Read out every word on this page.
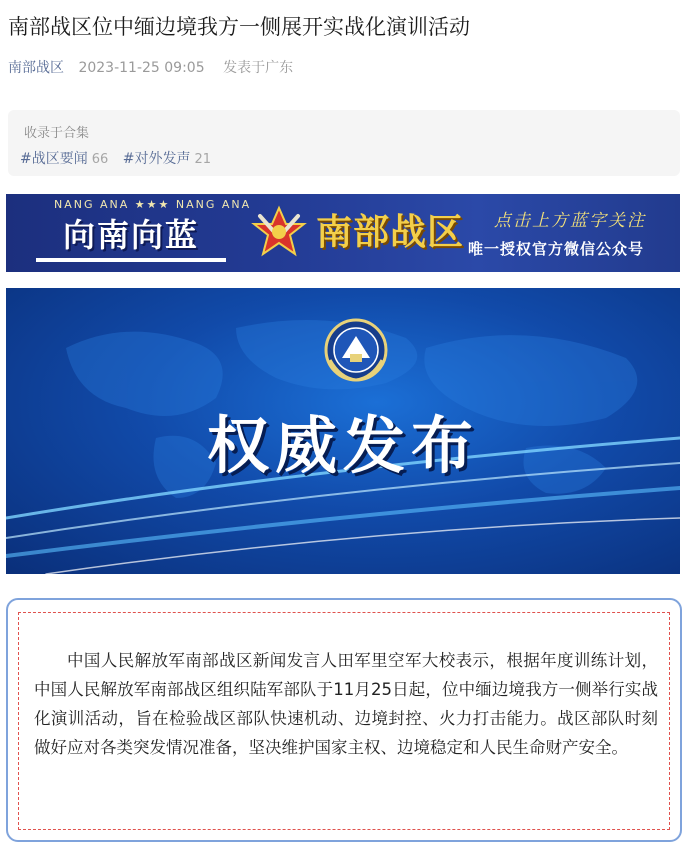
南部战区位中缅边境我方一侧展开实战化演训活动
南部战区 2023-11-25 09:05 发表于广东
收录于合集
#战区要闻 66 #对外发声 21
NANG ANA ★★★ NANG ANA
向南向蓝	南部战区 点击上方蓝字关注
唯一授权官方微信公众号
权威发布
中国人民解放军南部战区新闻发言人田军里空军大校表示，根据年度训练计划，中国人民解放军南部战区组织陆军部队于11月25日起，位中缅边境我方一侧举行实战化演训活动，旨在检验战区部队快速机动、边境封控、火力打击能力。战区部队时刻做好应对各类突发情况准备，坚决维护国家主权、边境稳定和人民生命财产安全。
